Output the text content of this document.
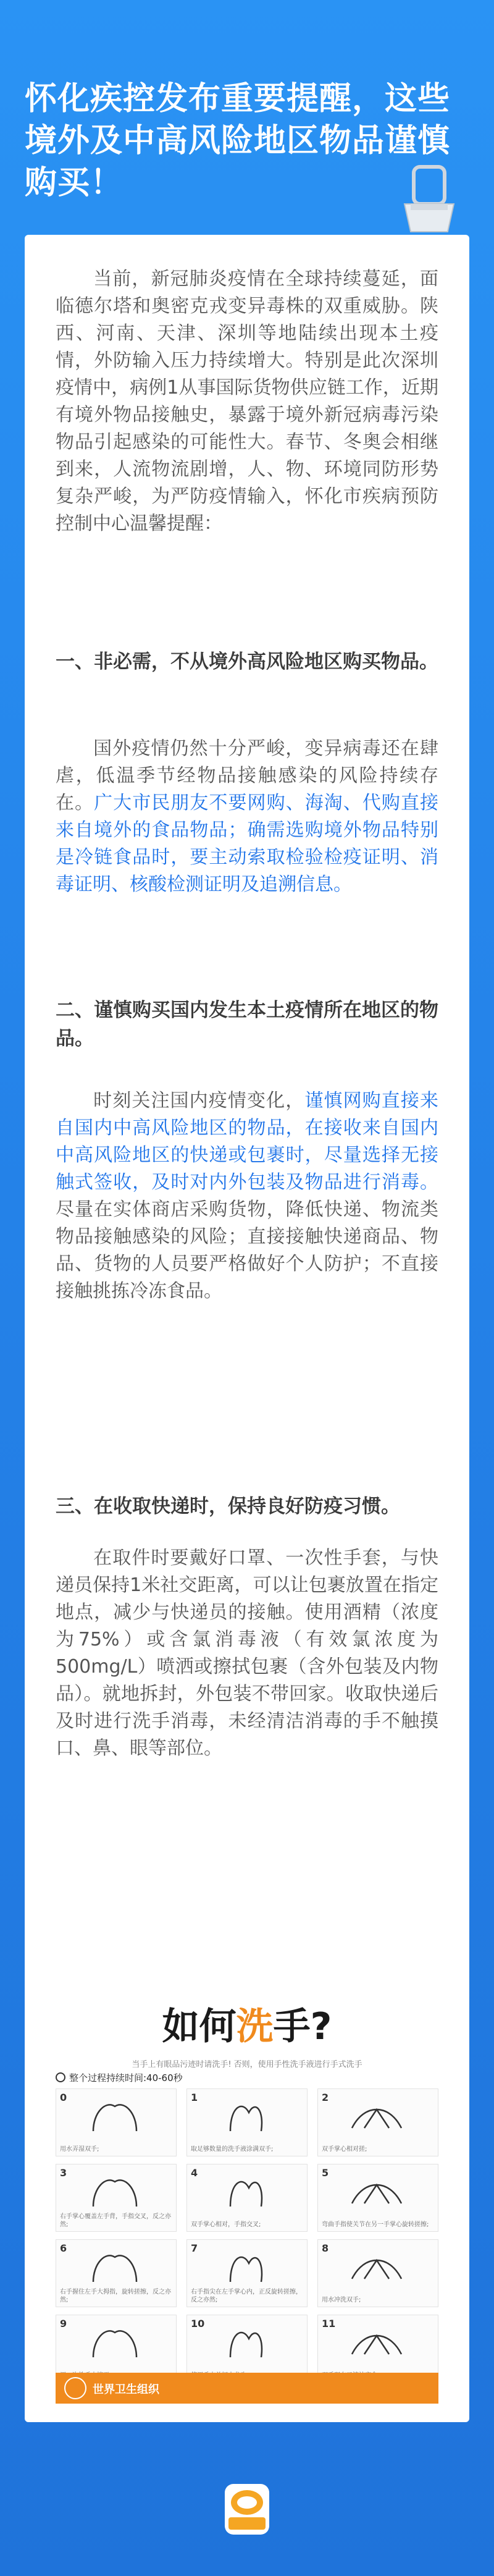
怀化疾控发布重要提醒，这些境外及中高风险地区物品谨慎购买！

当前，新冠肺炎疫情在全球持续蔓延，面临德尔塔和奥密克戎变异毒株的双重威胁。陕西、河南、天津、深圳等地陆续出现本土疫情，外防输入压力持续增大。特别是此次深圳疫情中，病例1从事国际货物供应链工作，近期有境外物品接触史，暴露于境外新冠病毒污染物品引起感染的可能性大。春节、冬奥会相继到来，人流物流剧增，人、物、环境同防形势复杂严峻，为严防疫情输入，怀化市疾病预防控制中心温馨提醒：

一、非必需，不从境外高风险地区购买物品。

国外疫情仍然十分严峻，变异病毒还在肆虐，低温季节经物品接触感染的风险持续存在。广大市民朋友不要网购、海淘、代购直接来自境外的食品物品；确需选购境外物品特别是冷链食品时，要主动索取检验检疫证明、消毒证明、核酸检测证明及追溯信息。

二、谨慎购买国内发生本土疫情所在地区的物品。

时刻关注国内疫情变化，谨慎网购直接来自国内中高风险地区的物品，在接收来自国内中高风险地区的快递或包裹时，尽量选择无接触式签收，及时对内外包装及物品进行消毒。尽量在实体商店采购货物，降低快递、物流类物品接触感染的风险；直接接触快递商品、物品、货物的人员要严格做好个人防护；不直接接触挑拣冷冻食品。

三、在收取快递时，保持良好防疫习惯。

在取件时要戴好口罩、一次性手套，与快递员保持1米社交距离，可以让包裹放置在指定地点，减少与快递员的接触。使用酒精（浓度为75%）或含氯消毒液（有效氯浓度为500mg/L）喷洒或擦拭包裹（含外包装及内物品）。就地拆封，外包装不带回家。收取快递后及时进行洗手消毒，未经清洁消毒的手不触摸口、鼻、眼等部位。

如何洗手?
当手上有眼品污迹时请洗手! 否则，使用手性洗手液进行手式洗手
整个过程持续时间:40-60秒
0
用水弄湿双手;
1
取足够数量的洗手液涂满双手;
2
双手掌心相对搓;
3
右手掌心覆盖左手背，手指交叉，反之亦然;
4
双手掌心相对，手指交叉;
5
弯曲手指使关节在另一手掌心旋转搓擦;
6
右手握住左手大拇指，旋转搓擦，反之亦然;
7
右手指尖在左手掌心内，正反旋转搓擦，反之亦然;
8
用水冲洗双手;
9	10	11
世界卫生组织
